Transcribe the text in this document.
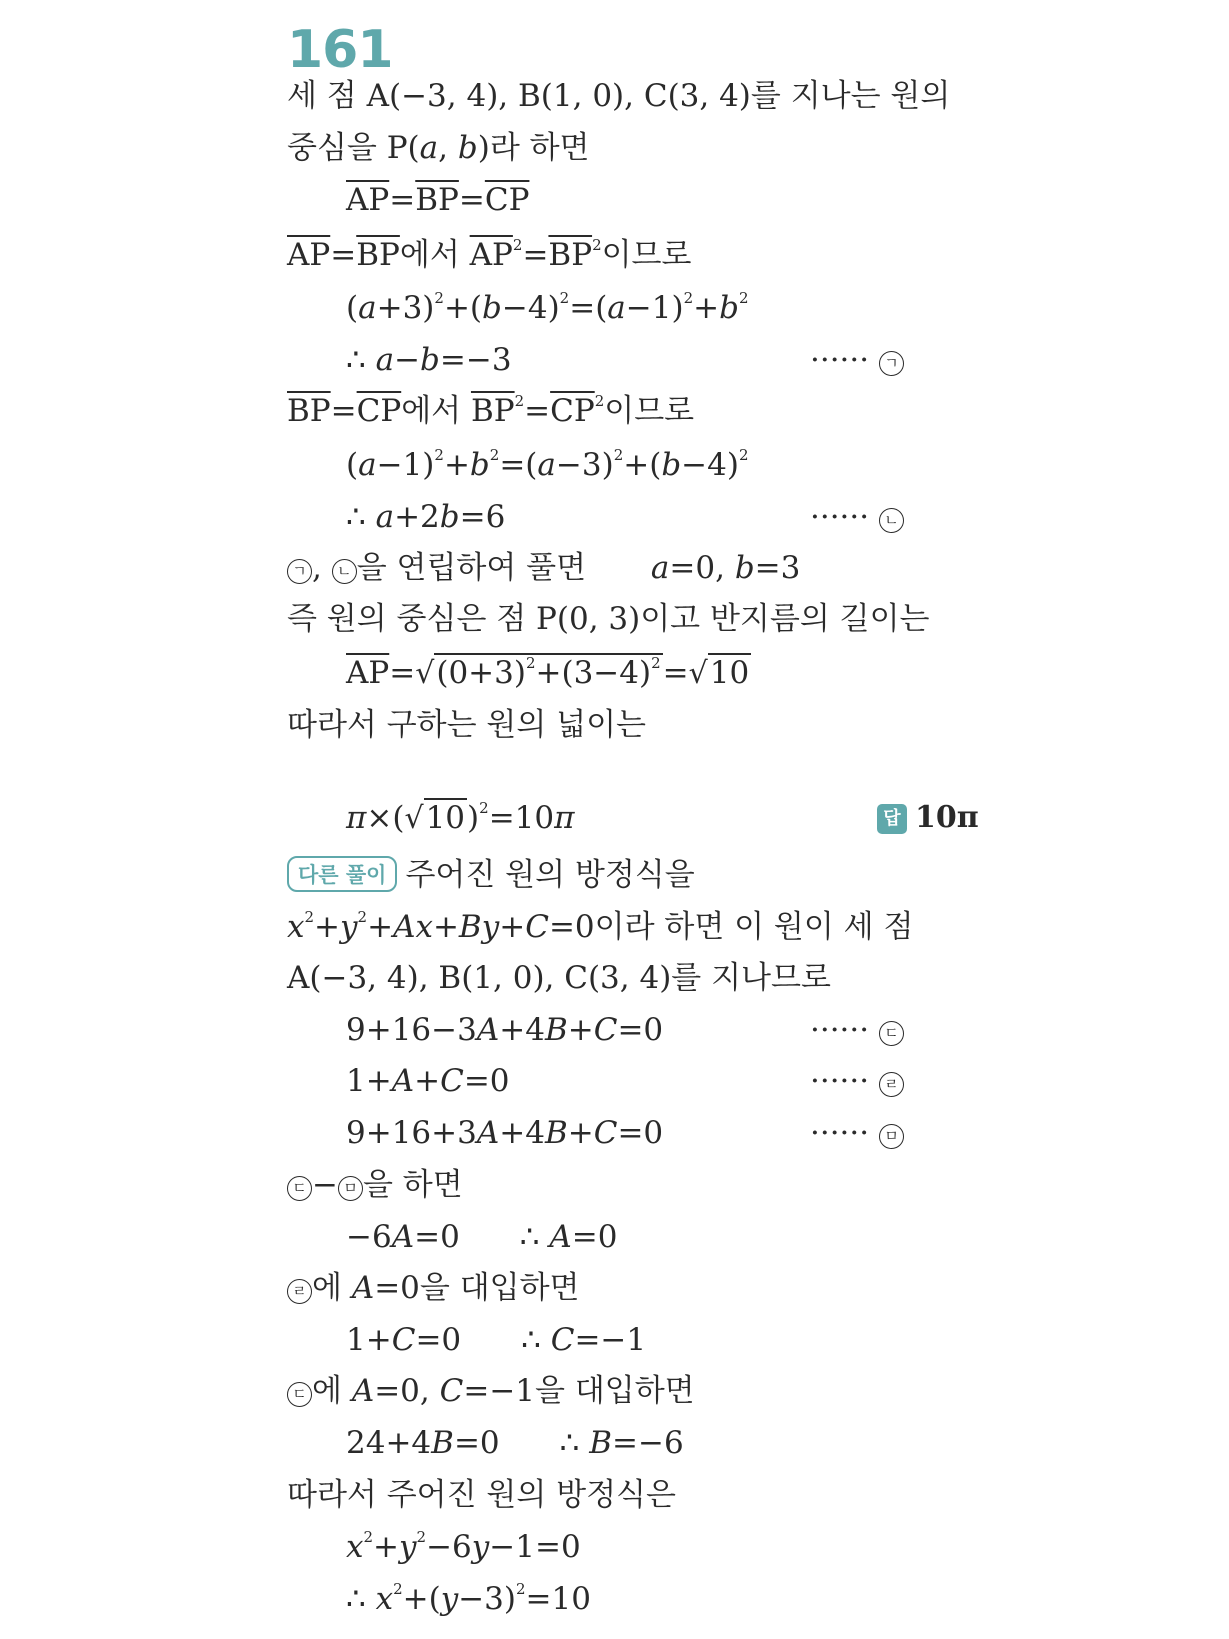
161
세 점 A(−3, 4), B(1, 0), C(3, 4)를 지나는 원의
중심을 P(a, b)라 하면
$\overline{AP}=\overline{BP}=\overline{CP}$
$\overline{AP}=\overline{BP}$에서 $\overline{AP}^2=\overline{BP}^2$이므로
$(a+3)^2+(b-4)^2=(a-1)^2+b^2$
∴ a−b=−3	······ ㄱ
$\overline{BP}=\overline{CP}$에서 $\overline{BP}^2=\overline{CP}^2$이므로
$(a-1)^2+b^2=(a-3)^2+(b-4)^2$
∴ a+2b=6	······ ㄴ
ㄱ , ㄴ 을 연립하여 풀면 a=0, b=3
즉 원의 중심은 점 P(0, 3)이고 반지름의 길이는
$\overline{AP}=√(0+3)^2+(3-4)^2=√10$
따라서 구하는 원의 넓이는
$\pi\times(√10)^2=10\pi$	답 10π
다른 풀이 주어진 원의 방정식을
$x^2+y^2+Ax+By+C=0$이라 하면 이 원이 세 점
A(−3, 4), B(1, 0), C(3, 4)를 지나므로
9+16−3A+4B+C=0	······ ㄷ
1+A+C=0	······ ㄹ
9+16+3A+4B+C=0	······ ㅁ
ㄷ − ㅁ 을 하면
−6A=0 ∴ A=0
ㄹ 에 A=0을 대입하면
1+C=0 ∴ C=−1
ㄷ 에 A=0, C=−1을 대입하면
24+4B=0 ∴ B=−6
따라서 주어진 원의 방정식은
$x^2+y^2-6y-1=0$
∴ $x^2+(y-3)^2=10$
